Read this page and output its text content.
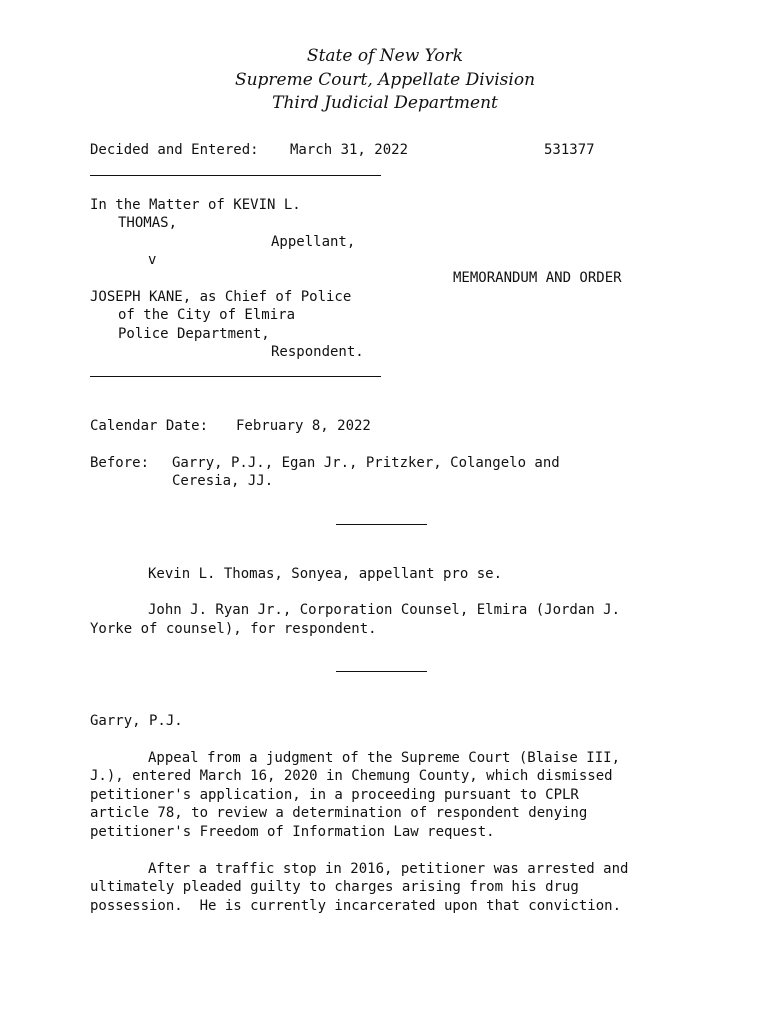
State of New York
Supreme Court, Appellate Division
Third Judicial Department
Decided and Entered: March 31, 2022	531377
In the Matter of KEVIN L.
THOMAS,
Appellant,
v
MEMORANDUM AND ORDER
JOSEPH KANE, as Chief of Police
of the City of Elmira
Police Department,
Respondent.
Calendar Date: February 8, 2022
Before: Garry, P.J., Egan Jr., Pritzker, Colangelo and
Ceresia, JJ.
Kevin L. Thomas, Sonyea, appellant pro se.
John J. Ryan Jr., Corporation Counsel, Elmira (Jordan J.
Yorke of counsel), for respondent.
Garry, P.J.
Appeal from a judgment of the Supreme Court (Blaise III,
J.), entered March 16, 2020 in Chemung County, which dismissed
petitioner's application, in a proceeding pursuant to CPLR
article 78, to review a determination of respondent denying
petitioner's Freedom of Information Law request.
After a traffic stop in 2016, petitioner was arrested and
ultimately pleaded guilty to charges arising from his drug
possession.  He is currently incarcerated upon that conviction.
